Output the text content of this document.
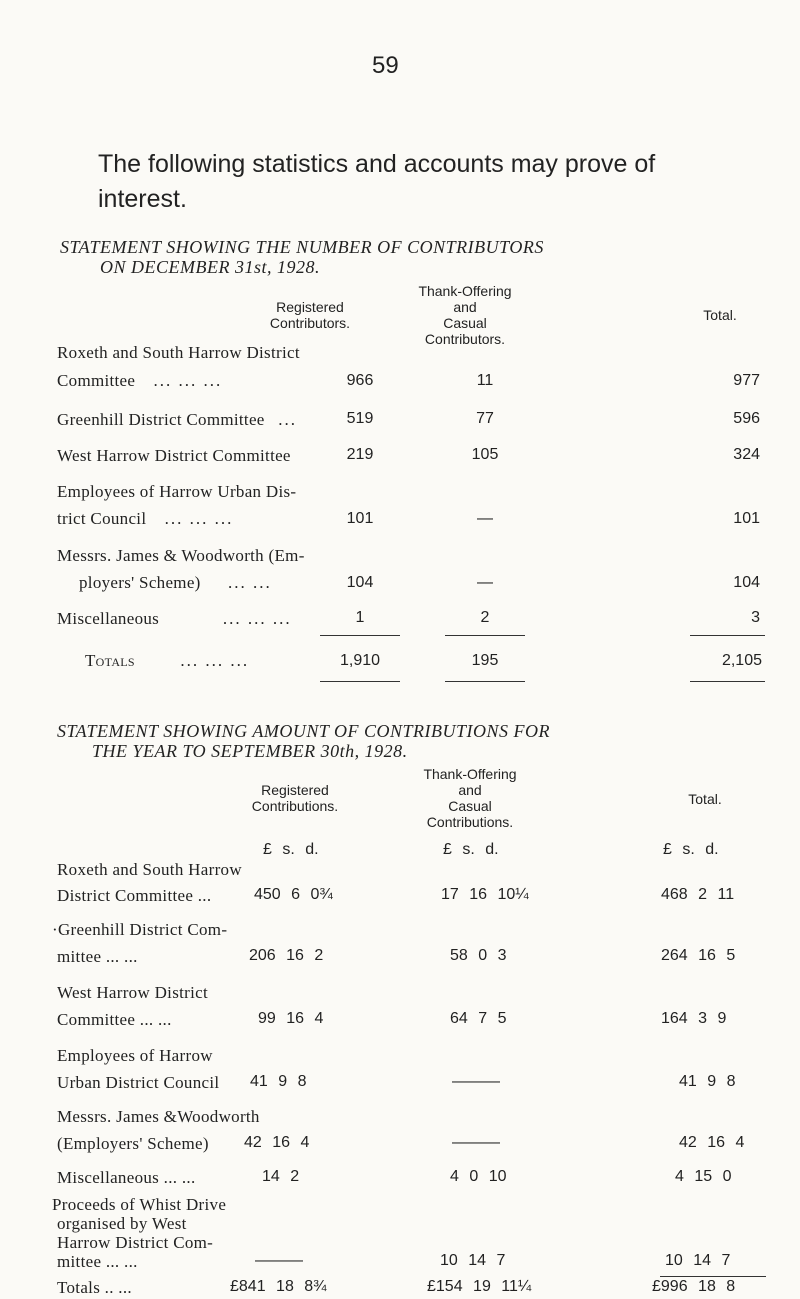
59
The following statistics and accounts may prove of interest.
STATEMENT SHOWING THE NUMBER OF CONTRIBUTORS
ON DECEMBER 31st, 1928.
Registered
Contributors.
Thank-Offering
and
Casual
Contributors.
Total.
Roxeth and South Harrow District
Committee ... ... ...	966	11	977
Greenhill District Committee ...	519	77	596
West Harrow District Committee	219	105	324
Employees of Harrow Urban Dis-
trict Council ... ... ...	101	—	101
Messrs. James & Woodworth (Em-
ployers' Scheme) ... ...	104	—	104
Miscellaneous	... ... ...	1	2	3
Totals	... ... ...	1,910	195	2,105
STATEMENT SHOWING AMOUNT OF CONTRIBUTIONS FOR
THE YEAR TO SEPTEMBER 30th, 1928.
Registered
Contributions.
Thank-Offering
and
Casual
Contributions.
Total.
£ s. d.	£ s. d.	£ s. d.
Roxeth and South Harrow
District Committee ...	450 6 0¾	17 16 10¼	468 2 11
·Greenhill District Com-
mittee ... ...	206 16 2	58 0 3	264 16 5
West Harrow District
Committee ... ...	99 16 4	64 7 5	164 3 9
Employees of Harrow
Urban District Council 41 9 8	———	41 9 8
Messrs. James &Woodworth
(Employers' Scheme) 42 16 4	———	42 16 4
Miscellaneous ... ...	14 2	4 0 10	4 15 0
Proceeds of Whist Drive
organised by West
Harrow District Com-
mittee ... ...	———	10 14 7	10 14 7
Totals .. ...	£841 18 8¾	£154 19 11¼	£996 18 8
